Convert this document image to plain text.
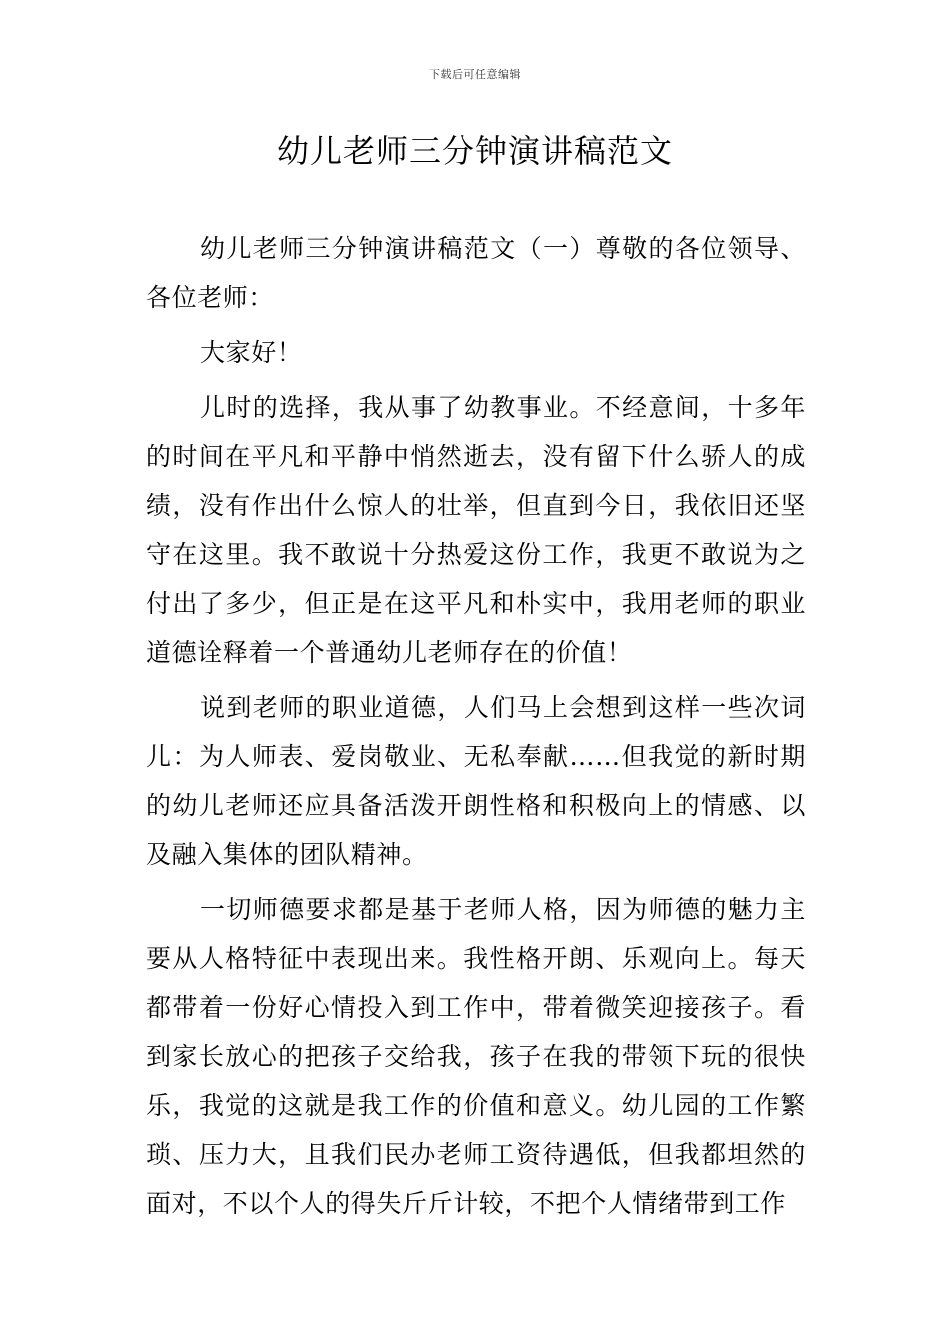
下载后可任意编辑
幼儿老师三分钟演讲稿范文

幼儿老师三分钟演讲稿范文（一）尊敬的各位领导、各位老师：

大家好！

儿时的选择，我从事了幼教事业。不经意间，十多年的时间在平凡和平静中悄然逝去，没有留下什么骄人的成绩，没有作出什么惊人的壮举，但直到今日，我依旧还坚守在这里。我不敢说十分热爱这份工作，我更不敢说为之付出了多少，但正是在这平凡和朴实中，我用老师的职业道德诠释着一个普通幼儿老师存在的价值！

说到老师的职业道德，人们马上会想到这样一些次词儿：为人师表、爱岗敬业、无私奉献……但我觉的新时期的幼儿老师还应具备活泼开朗性格和积极向上的情感、以及融入集体的团队精神。

一切师德要求都是基于老师人格，因为师德的魅力主要从人格特征中表现出来。我性格开朗、乐观向上。每天都带着一份好心情投入到工作中，带着微笑迎接孩子。看到家长放心的把孩子交给我，孩子在我的带领下玩的很快乐，我觉的这就是我工作的价值和意义。幼儿园的工作繁琐、压力大，且我们民办老师工资待遇低，但我都坦然的面对，不以个人的得失斤斤计较，不把个人情绪带到工作
